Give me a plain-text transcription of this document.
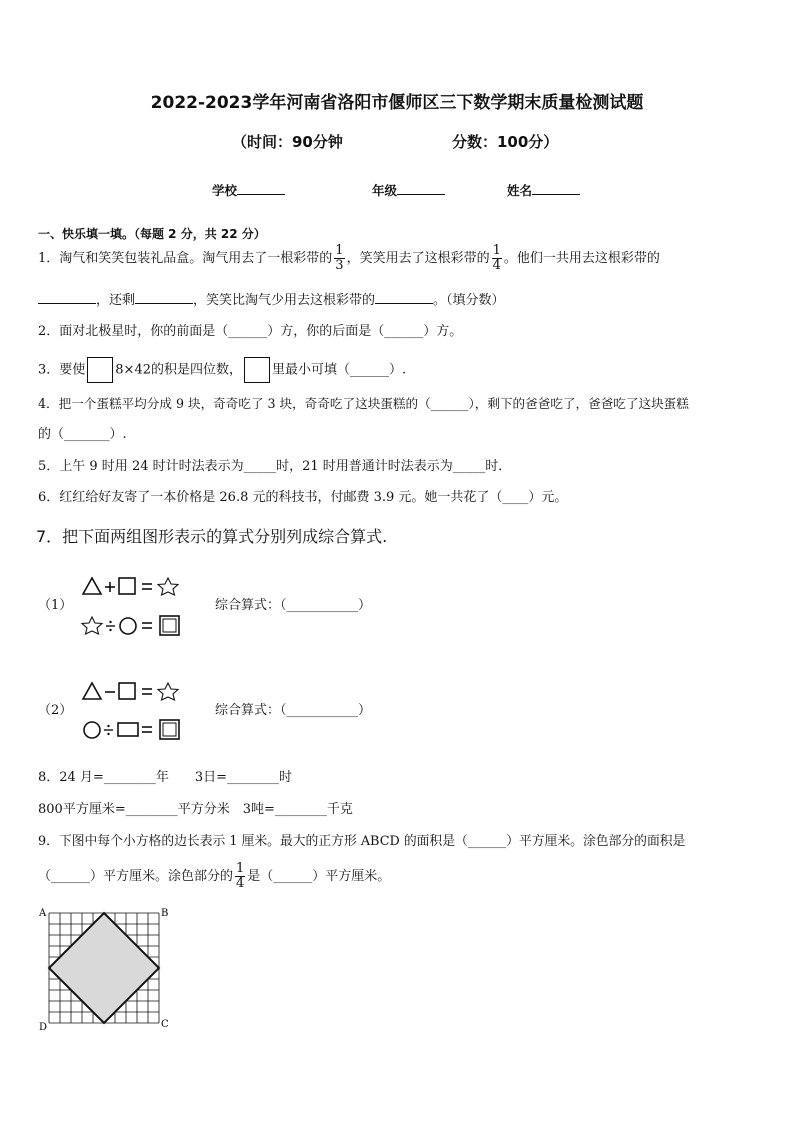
2022-2023学年河南省洛阳市偃师区三下数学期末质量检测试题
（时间：90分钟	分数：100分）
学校	年级	姓名
一、快乐填一填。（每题 2 分，共 22 分）
1．淘气和笑笑包装礼品盒。淘气用去了一根彩带的 $\frac{1}{3}$ ，笑笑用去了这根彩带的 $\frac{1}{4}$ 。他们一共用去这根彩带的
，还剩	，笑笑比淘气少用去这根彩带的	。（填分数）
2．面对北极星时，你的前面是（______）方，你的后面是（______）方。
3．要使 8×42的积是四位数， 里最小可填（______）.
4．把一个蛋糕平均分成 9 块，奇奇吃了 3 块，奇奇吃了这块蛋糕的（______），剩下的爸爸吃了，爸爸吃了这块蛋糕
的（_______）.
5．上午 9 时用 24 时计时法表示为_____时，21 时用普通计时法表示为_____时．
6．红红给好友寄了一本价格是 26.8 元的科技书，付邮费 3.9 元。她一共花了（____）元。
7．把下面两组图形表示的算式分别列成综合算式.
（1）	综合算式：（___________）
（2）	综合算式：（___________）
8．24 月=________年　　3日=________时
800平方厘米=________平方分米　3吨=________千克
9．下图中每个小方格的边长表示 1 厘米。最大的正方形 ABCD 的面积是（______）平方厘米。涂色部分的面积是
（______）平方厘米。涂色部分的 $\frac{1}{4}$ 是（______）平方厘米。
A	B
C
D
